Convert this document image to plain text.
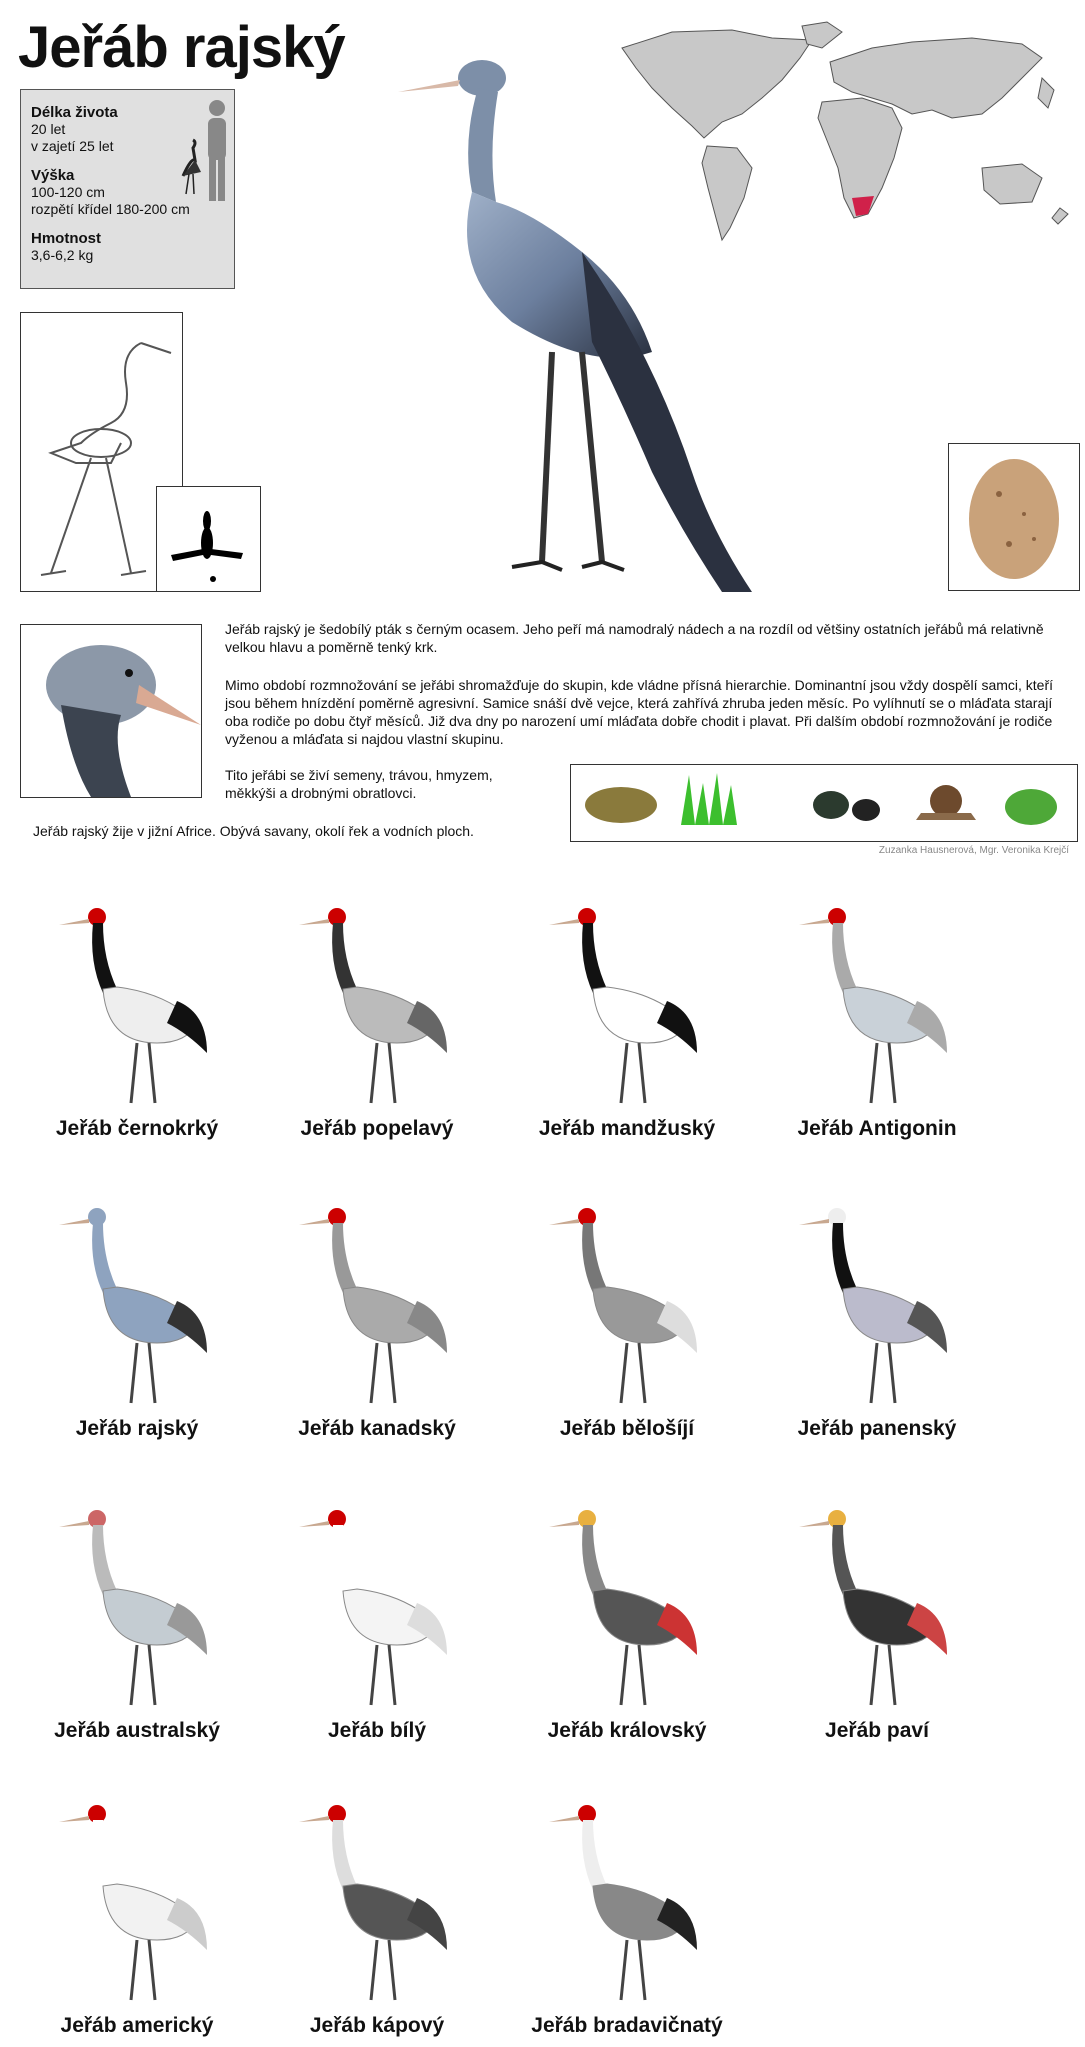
Jeřáb rajský
Délka života
20 let
v zajetí 25 let
Výška
100-120 cm
rozpětí křídel 180-200 cm
Hmotnost
3,6-6,2 kg
Jeřáb rajský je šedobílý pták s černým ocasem. Jeho peří má namodralý nádech a na rozdíl od většiny ostatních jeřábů má relativně velkou hlavu a poměrně tenký krk.
Mimo období rozmnožování se jeřábi shromažďuje do skupin, kde vládne přísná hierarchie. Dominantní jsou vždy dospělí samci, kteří jsou během hnízdění poměrně agresivní. Samice snáší dvě vejce, která zahřívá zhruba jeden měsíc. Po vylíhnutí se o mláďata starají oba rodiče po dobu čtyř měsíců. Již dva dny po narození umí mláďata dobře chodit i plavat. Při dalším období rozmnožování je rodiče vyženou a mláďata si najdou vlastní skupinu.
Tito jeřábi se živí semeny, trávou, hmyzem,
měkkýši a drobnými obratlovci.
Jeřáb rajský žije v jižní Africe. Obývá savany, okolí řek a vodních ploch.
Zuzanka Hausnerová, Mgr. Veronika Krejčí
Jeřáb černokrký	Jeřáb popelavý	Jeřáb mandžuský	Jeřáb Antigonin
Jeřáb rajský	Jeřáb kanadský	Jeřáb bělošíjí	Jeřáb panenský
Jeřáb australský	Jeřáb bílý	Jeřáb královský	Jeřáb paví
Jeřáb americký	Jeřáb kápový	Jeřáb bradavičnatý
